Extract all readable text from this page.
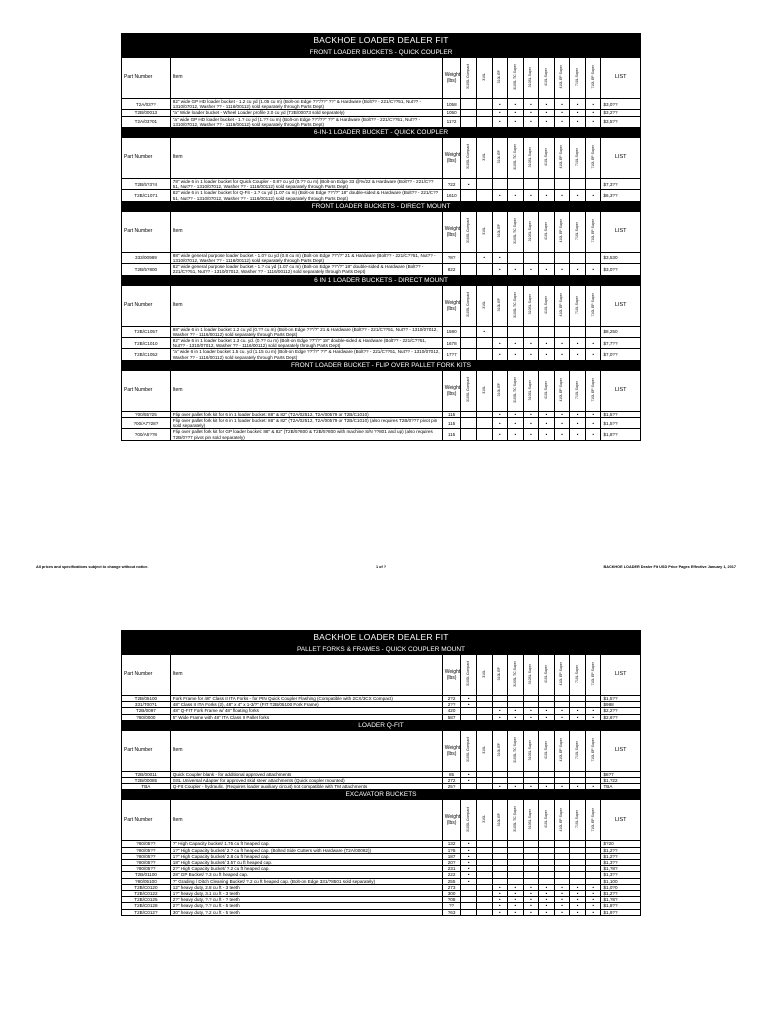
BACKHOE LOADER DEALER FIT
FRONT LOADER BUCKETS - QUICK COUPLER												
Part Number	Item	Weight (lbs)	310SL Compact	310L	310L EP	310SL TC Super	310SL Super	410L Super	410L EP Super	710L Super	710L EP Super	LIST
T2A/03??	82" wide GP HD loader bucket - 1.2 cu yd (1.05 cu m) (Bolt-on Edge ??"/??" ??" & Hardware (Bolt?? - 221/C??51, Nut?? - 1310/07012, Washer ?? - 1116/00112) sold separately through Parts Dept)	1058			•	•	•	•	•	•	•	$3,0??
T2B/00013	"a" Wide loader bucket - Wheel Loader profile 2.0 cu yd (T2B/00073 sold separately)	1050			•	•	•	•	•	•	•	$3,2??
T2A/03?01	"a" wide GP HD loader bucket - 1.? cu yd (1.?? cu m) (Bolt-on Edge ??"/??" ??" & Hardware (Bolt?? - 221/C??51, Nut?? - 1310/07012, Washer ?? - 1116/00112) sold separately through Parts Dept)	11?2			•	•	•	•	•	•	•	$3,5??
6-IN-1 LOADER BUCKET - QUICK COUPLER												
Part Number	Item	Weight (lbs)	310SL Compact	310L	310L EP	310SL TC Super	310SL Super	410L Super	410L EP Super	710L Super	710L EP Super	LIST
T2B/5?3?4	78" wide 6 in 1 loader bucket for Quick Coupler - 0.8? cu yd (0.?? cu m) (Bolt-on Edge 33 @%/22 & Hardware (Bolt?? - 221/C??51, Nut?? - 1310/07012, Washer ?? - 1116/00112) sold separately through Parts Dept)	?22	•									$7,3??
T2B/C1071	82" wide 6 in 1 loader bucket for Q-Fit - 1.? cu yd (1.07 cu m) (Bolt-on Edge ??"/?" 18" double-sided & Hardware (Bolt?? - 221/C??51, Nut?? - 1310/07012, Washer ?? - 1116/00112) sold separately through Parts Dept)	1610			•	•	•	•	•	•	•	$6,3??
FRONT LOADER BUCKETS - DIRECT MOUNT												
Part Number	Item	Weight (lbs)	310SL Compact	310L	310L EP	310SL TC Super	310SL Super	410L Super	410L EP Super	710L Super	710L EP Super	LIST
333/00989	88" wide general purpose loader bucket - 1.0? cu yd (0.8 cu m) (Bolt-on Edge ??"/?" 21 & Hardware (Bolt?? - 221/C??51, Nut?? - 1310/07012, Washer ?? - 1116/00112) sold separately through Parts Dept)	?8?		•	•							$3,530
T2B/5?800	82" wide general purpose loader bucket - 1.? cu yd (1.07 cu m) (Bolt-on Edge ??"/?" 18" double-sided & Hardware (Bolt?? - 221/C??51, Nut?? - 1310/07012, Washer ?? - 1116/00112) sold separately through Parts Dept)	822			•	•	•	•	•	•	•	$3,0??
6 IN 1 LOADER BUCKETS - DIRECT MOUNT												
Part Number	Item	Weight (lbs)	310SL Compact	310L	310L EP	310SL TC Super	310SL Super	410L Super	410L EP Super	710L Super	710L EP Super	LIST
T2B/C1057	88" wide 6 in 1 loader bucket 1.2 cu yd (0.?? cu m) (Bolt-on Edge ??"/?" 21 & Hardware (Bolt?? - 221/C??51, Nut?? - 1310/07012, Washer ?? - 1116/00112) sold separately through Parts Dept)	1580		•								$8,250
T2B/C1010	82" wide 6 in 1 loader bucket 1.3 cu. yd. (0.?? cu m) (Bolt-on Edge ??"/?" 18" double-sided & Hardware (Bolt?? - 221/C??51, Nut?? - 1310/07012, Washer ?? - 1116/00112) sold separately through Parts Dept)	1678			•	•	•	•	•	•	•	$7,7??
T2B/C1052	"a" wide 6 in 1 loader bucket 1.5 cu. yd (1.15 cu m) (Bolt-on Edge ??"/?" ??" & Hardware (Bolt?? - 221/C??51, Nut?? - 1310/07012, Washer ?? - 1116/00112) sold separately through Parts Dept)	17?7			•	•	•	•	•	•	•	$7,0??
FRONT LOADER BUCKET - FLIP OVER PALLET FORK KITS												
Part Number	Item	Weight (lbs)	310SL Compact	310L	310L EP	310SL TC Super	310SL Super	410L Super	410L EP Super	710L Super	710L EP Super	LIST
?00/55?25	Flip over pallet fork kit for 6 in 1 loader bucket: 88" & 82" (T2A/02512, T2A/00579 or T2B/C1010)	115			•	•	•	•	•	•	•	$1,5??
?00/A7?28?	Flip over pallet fork kit for 6 in 1 loader bucket: 88" & 82" (T2A/02512, T2A/00579 or T2B/C1010) (also requires T2B/0??7 pivot pin sold separately)	115			•	•	•	•	•	•	•	$1,5??
?00/A5??8	Flip over pallet fork kit for GP loader bucket: 88" & 82" (T2B/5?800 & T2B/5?800 with machine S/N ??801 and up) (also requires T2B/0??7 pivot pin sold separately)	115			•	•	•	•	•	•	•	$1,8??
All prices and specifications subject to change without notice.	1 of ?	BACKHOE LOADER Dealer Fit USD Price Pages Effective January 1, 2017
BACKHOE LOADER DEALER FIT
PALLET FORKS & FRAMES - QUICK COUPLER MOUNT												
Part Number	Item	Weight (lbs)	310SL Compact	310L	310L EP	310SL TC Super	310SL Super	410L Super	410L EP Super	710L Super	710L EP Super	LIST
T2B/05100	Fork Frame for 48" Class II ITA Forks - for PIN Quick Coupler Flashing (Compatible with 2CX/3CX Compact)	2?2	•									$1,5??
331/T00?1	48" Class II ITA Forks (2), 48" x 4" x 1-3/?" (FIT T2B/05100 Fork Frame)	2??	•									$988
T2B/0097	48" Q-FIT Fork Frame w/ 48" floating forks	420			•	•	•	•	•	•	•	$2,2??
?80/0000	5" Wide Frame with 48" ITA Class II Pallet forks	587			•	•	•	•	•	•	•	$2,6??
LOADER Q-FIT												
Part Number	Item	Weight (lbs)	310SL Compact	310L	310L EP	310SL TC Super	310SL Super	410L Super	410L EP Super	710L Super	710L EP Super	LIST
T2B/00011	Quick Coupler blank - for additional approved attachments	85	•									$8?7
T2B/00085	SSL Universal Adapter for approved skid steer attachments (Quick coupler mounted)	272	•									$1,?22
TBA	Q-FIt Coupler - hydraulic. (Requires loader auxiliary circuit) not compatible with TM attachments	25?			•	•	•	•	•	•	•	TBA
EXCAVATOR BUCKETS												
Part Number	Item	Weight (lbs)	310SL Compact	310L	310L EP	310SL TC Super	310SL Super	410L Super	410L EP Super	710L Super	710L EP Super	LIST
?80/05??	?" High Capacity bucket/ 1.75 cu ft heaped cap.	132	•									$?20
?80/05??	1?" High Capacity bucket/ 2.? cu ft heaped cap. (Bolted Side Cutters with Hardware (T2A/00082))	1?5	•									$1,2??
?80/05??	1?" High Capacity bucket/ 2.8 cu ft heaped cap.	187	•									$1,2??
?80/05??	18" High Capacity bucket/ 3.57 cu ft heaped cap.	20?	•									$1,3??
?80/05??	2?" High Capacity bucket/ ?.2 cu ft heaped cap.	231	•									$1,?8?
T2B/01100	28" GP Bucket/ ?.3 cu ft heaped cap.	222	•									$1,3??
?80/05100	?" Grading / Ditch Cleaning Bucket/ ?.2 cu ft heaped cap. (Bolt-on Edge 331/?8501 sold separately)	255	•									$1,100
T2B/C0120	12" heavy duty, 2.8 cu ft - 3 teeth	273			•	•	•	•	•	•	•	$1,0?0
T2B/C0122	1?" heavy duty, 3.1 cu ft - 3 teeth	300			•	•	•	•	•	•	•	$1,2??
T2B/C0125	2?" heavy duty, ?.? cu ft - ? teeth	?08			•	•	•	•	•	•	•	$1,?8?
T2B/C0128	2?" heavy duty, ?.? cu ft - 5 teeth	??			•	•	•	•	•	•	•	$1,8??
T2B/C012?	30" heavy duty, ?.2 cu ft - 5 teeth	?63			•	•	•	•	•	•	•	$1,9??
